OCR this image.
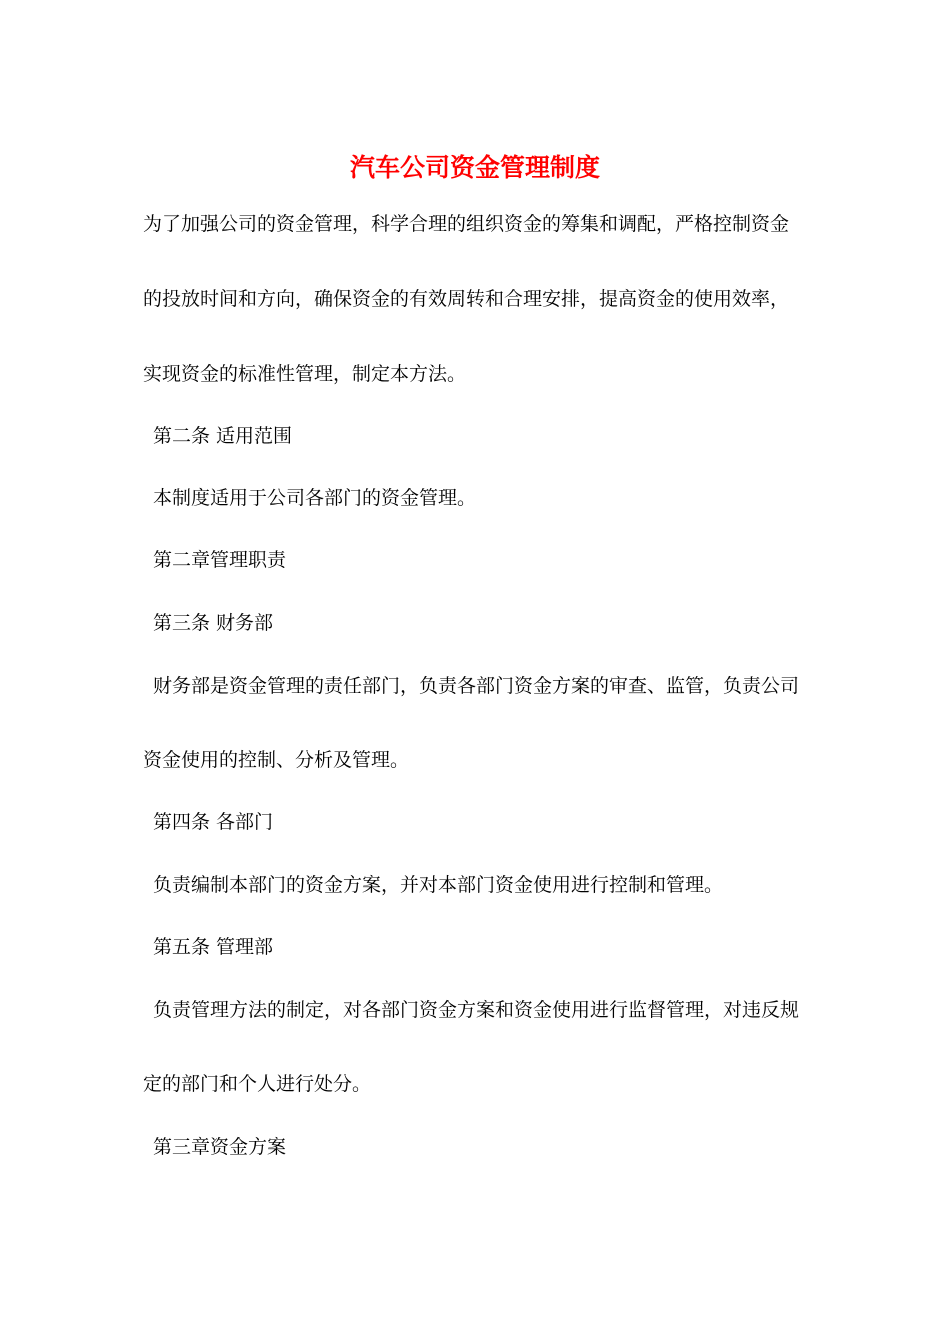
汽车公司资金管理制度

为了加强公司的资金管理，科学合理的组织资金的筹集和调配，严格控制资金

的投放时间和方向，确保资金的有效周转和合理安排，提高资金的使用效率，

实现资金的标准性管理，制定本方法。

第二条 适用范围

本制度适用于公司各部门的资金管理。

第二章管理职责

第三条 财务部

财务部是资金管理的责任部门，负责各部门资金方案的审查、监管，负责公司

资金使用的控制、分析及管理。

第四条 各部门

负责编制本部门的资金方案，并对本部门资金使用进行控制和管理。

第五条 管理部

负责管理方法的制定，对各部门资金方案和资金使用进行监督管理，对违反规

定的部门和个人进行处分。

第三章资金方案
